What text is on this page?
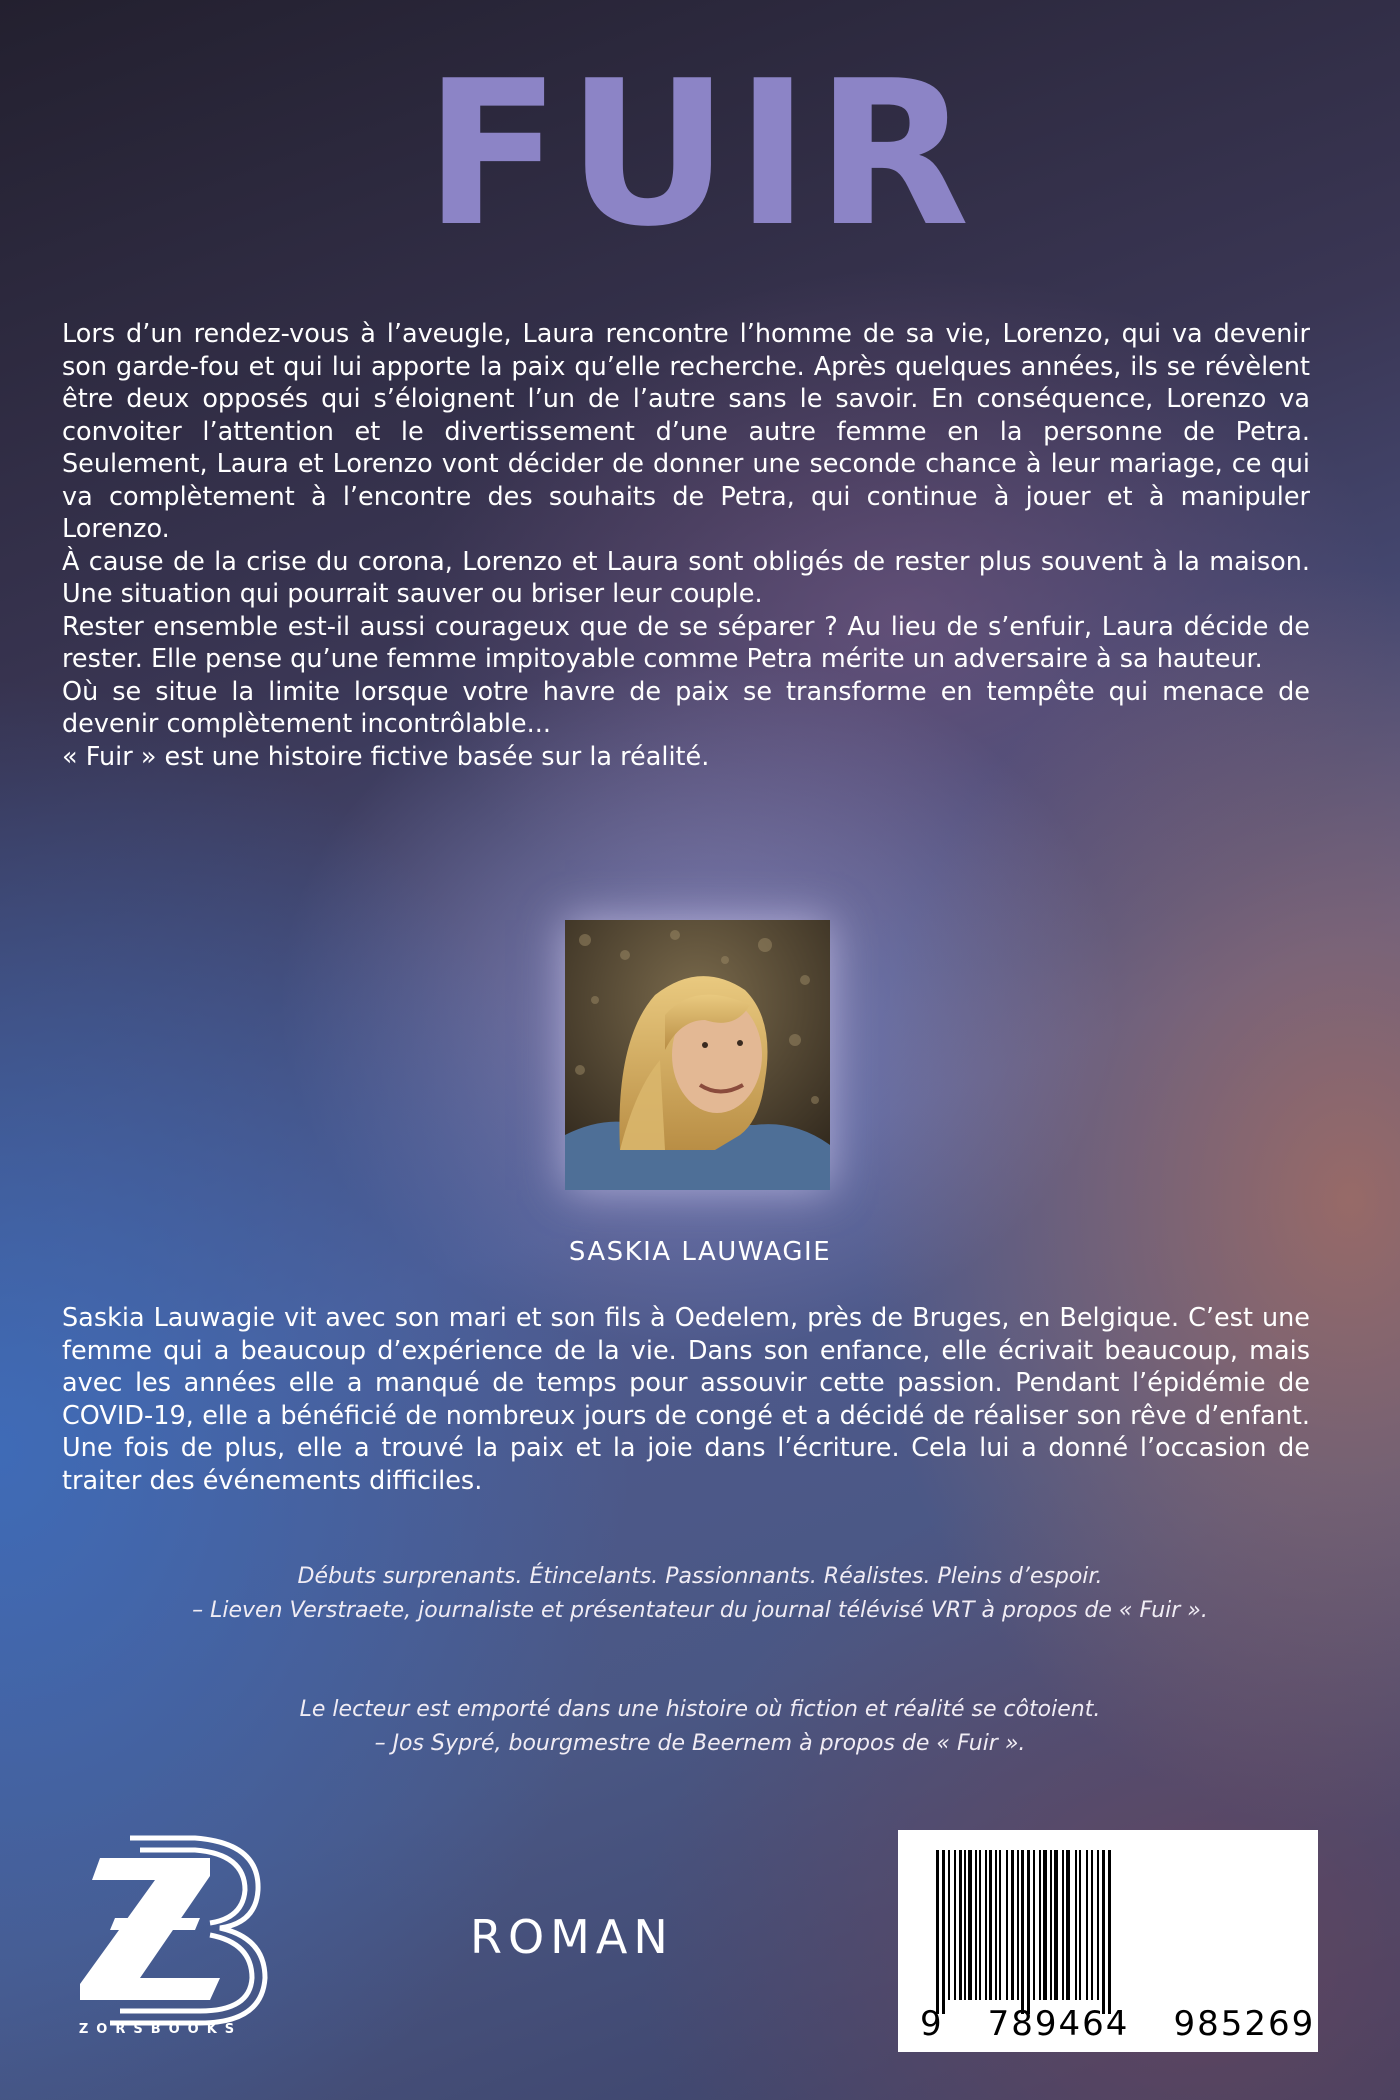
FUIR

Lors d’un rendez-vous à l’aveugle, Laura rencontre l’homme de sa vie, Lorenzo, qui va devenir son garde-fou et qui lui apporte la paix qu’elle recherche. Après quelques années, ils se révèlent être deux opposés qui s’éloignent l’un de l’autre sans le savoir. En conséquence, Lorenzo va convoiter l’attention et le divertissement d’une autre femme en la personne de Petra. Seulement, Laura et Lorenzo vont décider de donner une seconde chance à leur mariage, ce qui va complètement à l’encontre des souhaits de Petra, qui continue à jouer et à manipuler Lorenzo.

À cause de la crise du corona, Lorenzo et Laura sont obligés de rester plus souvent à la maison. Une situation qui pourrait sauver ou briser leur couple.

Rester ensemble est-il aussi courageux que de se séparer ? Au lieu de s’enfuir, Laura décide de rester. Elle pense qu’une femme impitoyable comme Petra mérite un adversaire à sa hauteur.

Où se situe la limite lorsque votre havre de paix se transforme en tempête qui menace de devenir complètement incontrôlable...

« Fuir » est une histoire fictive basée sur la réalité.

SASKIA LAUWAGIE
Saskia Lauwagie vit avec son mari et son fils à Oedelem, près de Bruges, en Belgique. C’est une femme qui a beaucoup d’expérience de la vie. Dans son enfance, elle écrivait beaucoup, mais avec les années elle a manqué de temps pour assouvir cette passion. Pendant l’épidémie de COVID-19, elle a bénéficié de nombreux jours de congé et a décidé de réaliser son rêve d’enfant. Une fois de plus, elle a trouvé la paix et la joie dans l’écriture. Cela lui a donné l’occasion de traiter des événements difficiles.

Débuts surprenants. Étincelants. Passionnants. Réalistes. Pleins d’espoir.

– Lieven Verstraete, journaliste et présentateur du journal télévisé VRT à propos de « Fuir ».

Le lecteur est emporté dans une histoire où fiction et réalité se côtoient.

– Jos Sypré, bourgmestre de Beernem à propos de « Fuir ».

ZORSBOOKS
ROMAN
9 789464 985269
